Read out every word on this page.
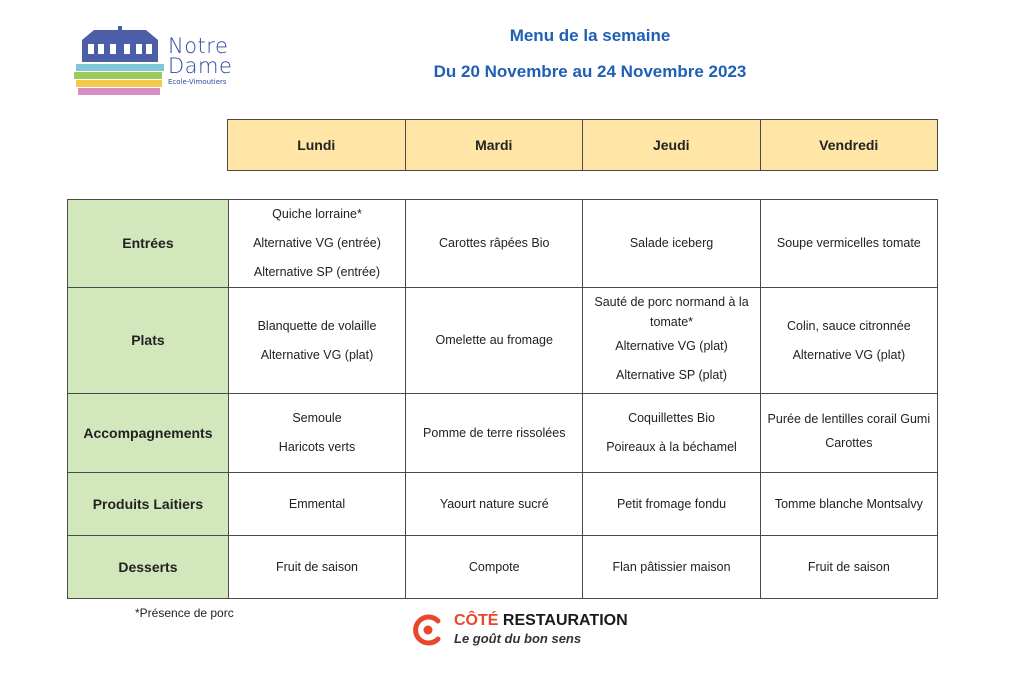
Notre
Dame
Ecole-Vimoutiers
Menu de la semaine
Du 20 Novembre au 24 Novembre 2023
Lundi	Mardi	Jeudi	Vendredi
Entrées	Quiche lorraine*
Alternative VG (entrée)
Alternative SP (entrée)	Carottes râpées Bio	Salade iceberg	Soupe vermicelles tomate

Plats	Blanquette de volaille
Alternative VG (plat)	Omelette au fromage	Sauté de porc normand à la tomate*
Alternative VG (plat)
Alternative SP (plat)	Colin, sauce citronnée
Alternative VG (plat)

Accompagnements	Semoule
Haricots verts	Pomme de terre rissolées	Coquillettes Bio
Poireaux à la béchamel	Purée de lentilles corail Gumi
Carottes

Produits Laitiers	Emmental	Yaourt nature sucré	Petit fromage fondu	Tomme blanche Montsalvy

Desserts	Fruit de saison	Compote	Flan pâtissier maison	Fruit de saison
*Présence de porc	CÔTÉ RESTAURATION
Le goût du bon sens
